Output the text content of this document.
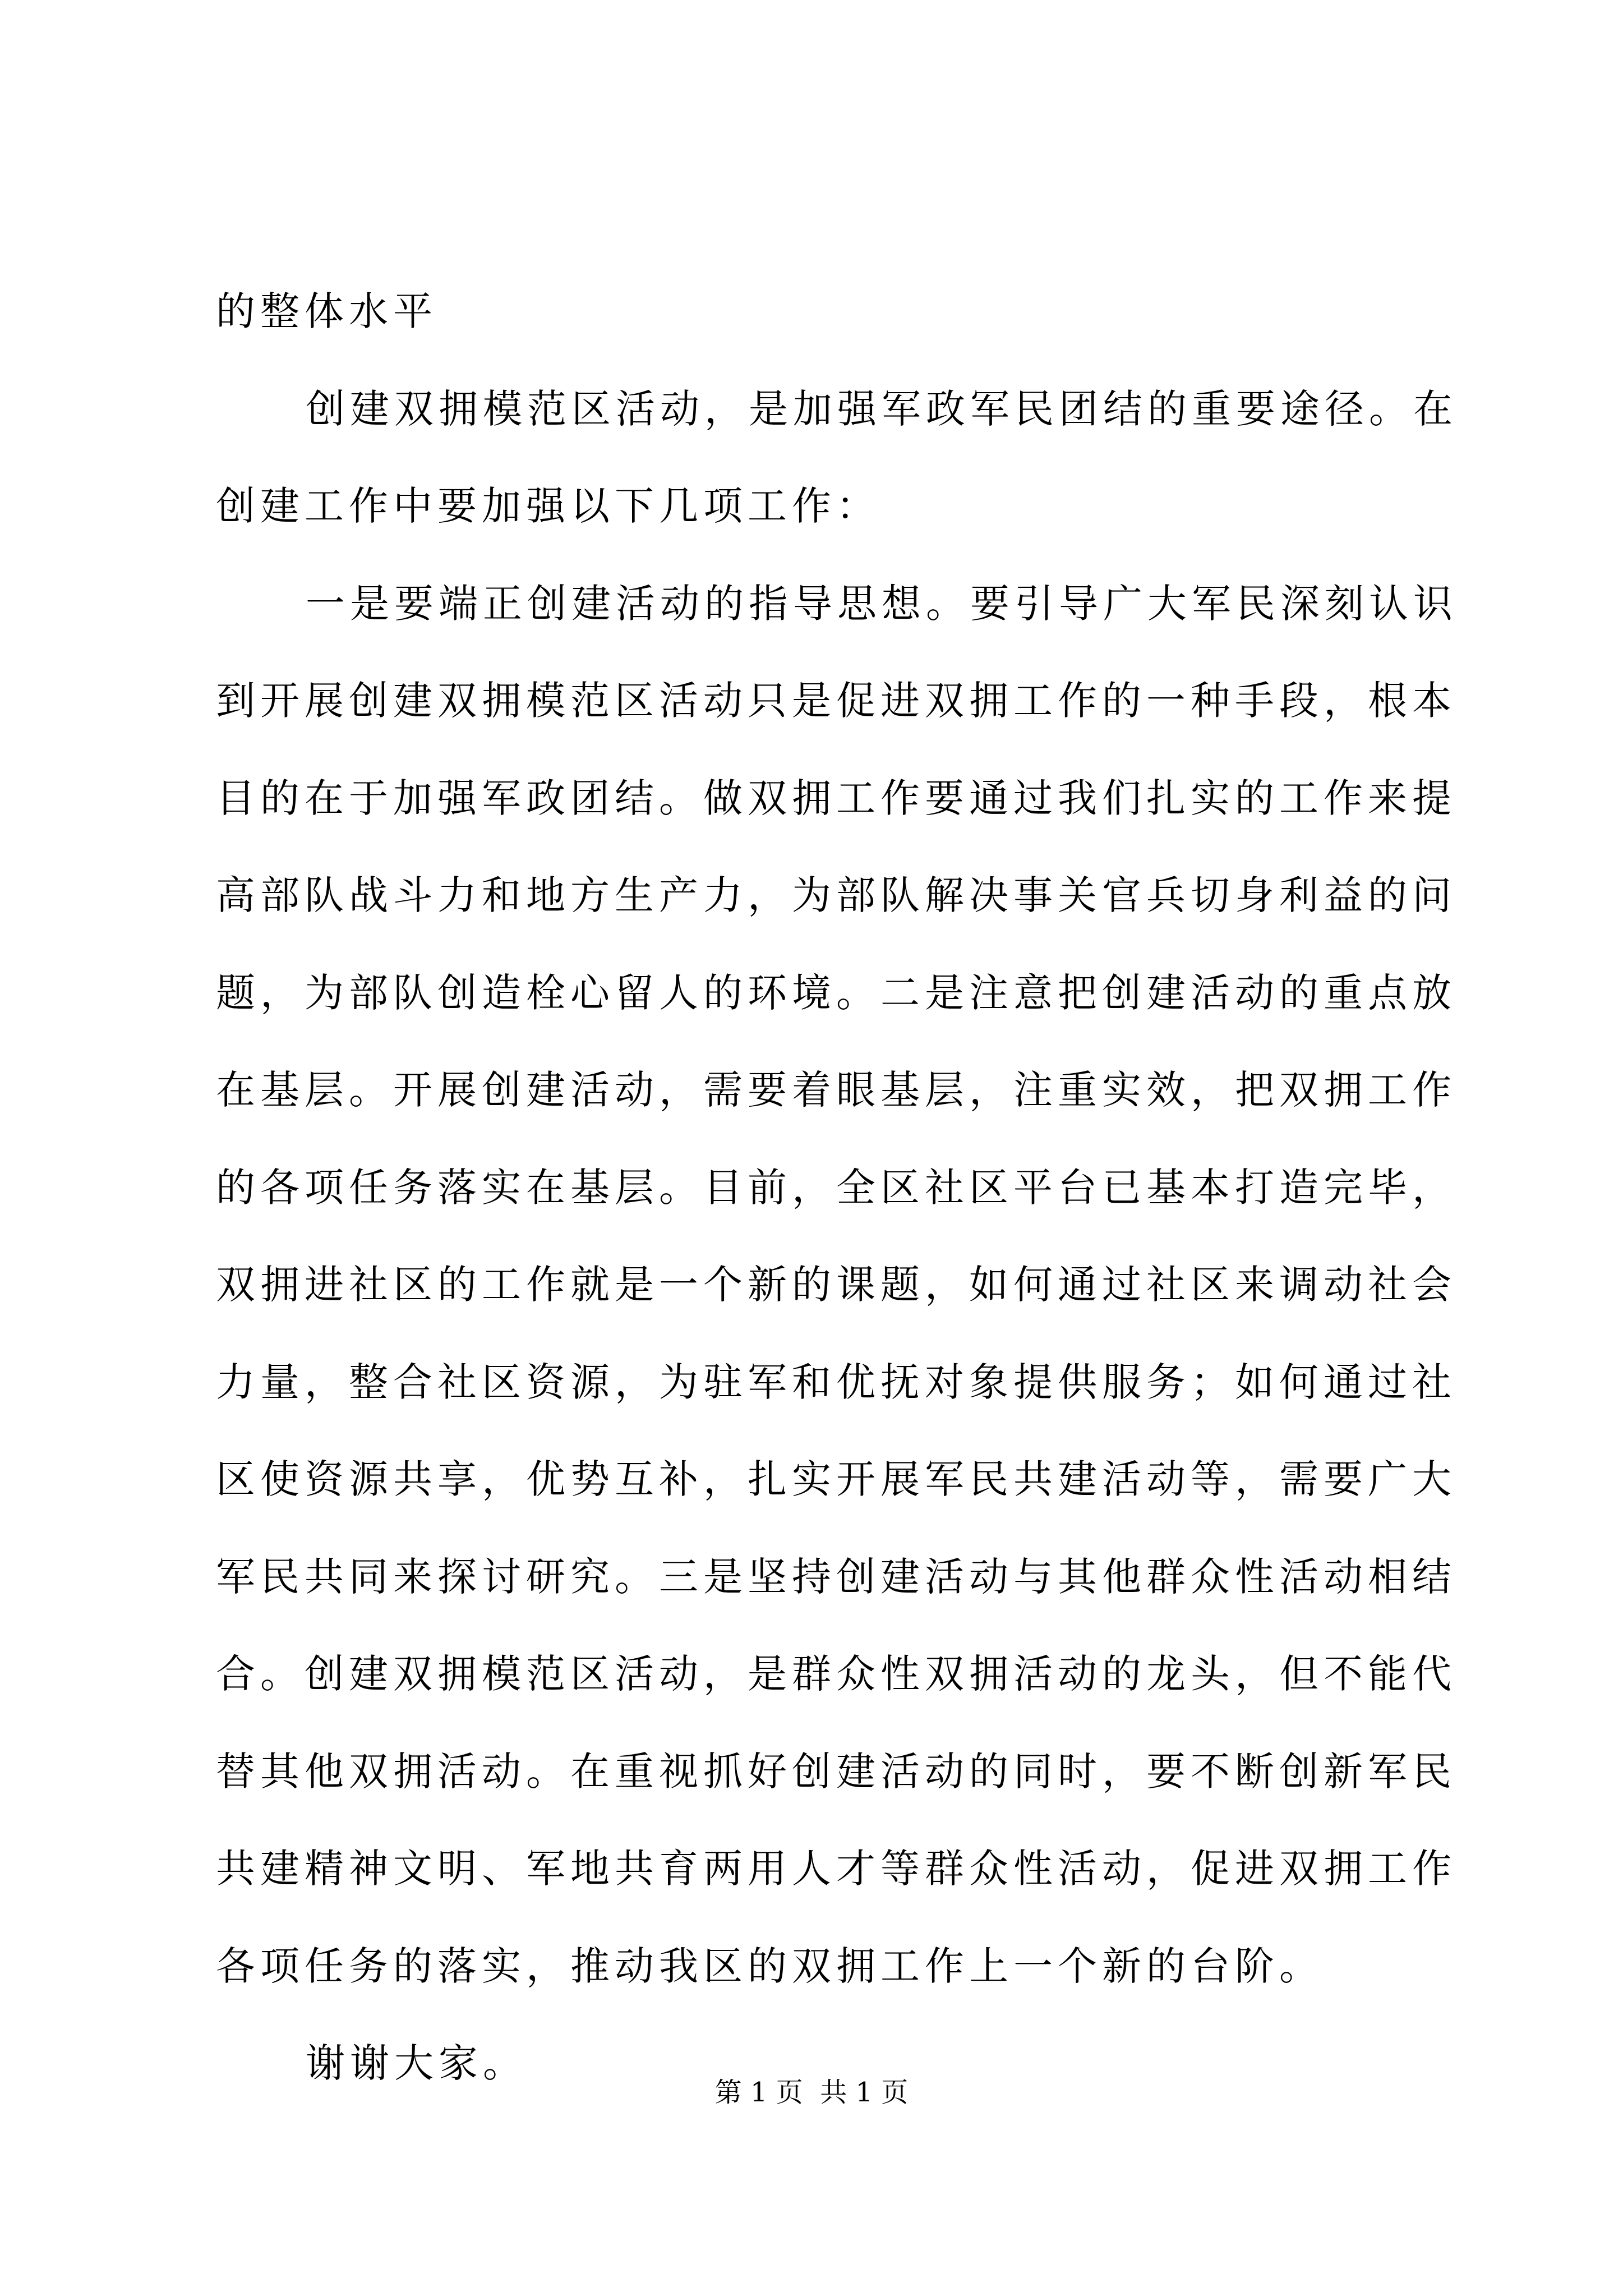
的整体水平
创建双拥模范区活动，是加强军政军民团结的重要途径。在
创建工作中要加强以下几项工作：
一是要端正创建活动的指导思想。要引导广大军民深刻认识
到开展创建双拥模范区活动只是促进双拥工作的一种手段，根本
目的在于加强军政团结。做双拥工作要通过我们扎实的工作来提
高部队战斗力和地方生产力，为部队解决事关官兵切身利益的问
题，为部队创造栓心留人的环境。二是注意把创建活动的重点放
在基层。开展创建活动，需要着眼基层，注重实效，把双拥工作
的各项任务落实在基层。目前，全区社区平台已基本打造完毕，
双拥进社区的工作就是一个新的课题，如何通过社区来调动社会
力量，整合社区资源，为驻军和优抚对象提供服务；如何通过社
区使资源共享，优势互补，扎实开展军民共建活动等，需要广大
军民共同来探讨研究。三是坚持创建活动与其他群众性活动相结
合。创建双拥模范区活动，是群众性双拥活动的龙头，但不能代
替其他双拥活动。在重视抓好创建活动的同时，要不断创新军民
共建精神文明、军地共育两用人才等群众性活动，促进双拥工作
各项任务的落实，推动我区的双拥工作上一个新的台阶。
谢谢大家。
第 1 页  共 1 页
